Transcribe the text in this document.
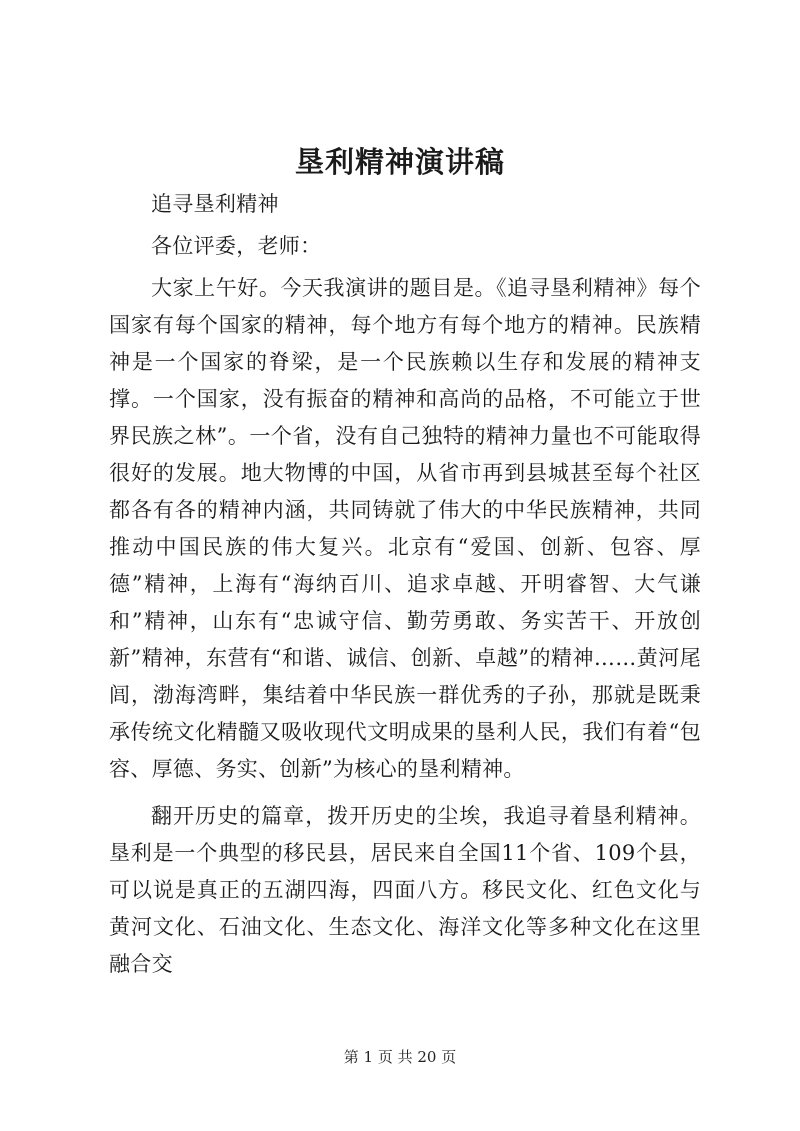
垦利精神演讲稿

追寻垦利精神

各位评委，老师：

大家上午好。今天我演讲的题目是。《追寻垦利精神》每个国家有每个国家的精神，每个地方有每个地方的精神。民族精神是一个国家的脊梁，是一个民族赖以生存和发展的精神支撑。一个国家，没有振奋的精神和高尚的品格，不可能立于世界民族之林”。一个省，没有自己独特的精神力量也不可能取得很好的发展。地大物博的中国，从省市再到县城甚至每个社区都各有各的精神内涵，共同铸就了伟大的中华民族精神，共同推动中国民族的伟大复兴。北京有“爱国、创新、包容、厚德”精神，上海有“海纳百川、追求卓越、开明睿智、大气谦和”精神，山东有“忠诚守信、勤劳勇敢、务实苦干、开放创新”精神，东营有“和谐、诚信、创新、卓越”的精神……黄河尾闾，渤海湾畔，集结着中华民族一群优秀的子孙，那就是既秉承传统文化精髓又吸收现代文明成果的垦利人民，我们有着“包容、厚德、务实、创新”为核心的垦利精神。

翻开历史的篇章，拨开历史的尘埃，我追寻着垦利精神。垦利是一个典型的移民县，居民来自全国11个省、109个县，可以说是真正的五湖四海，四面八方。移民文化、红色文化与黄河文化、石油文化、生态文化、海洋文化等多种文化在这里融合交

第 1 页 共 20 页
